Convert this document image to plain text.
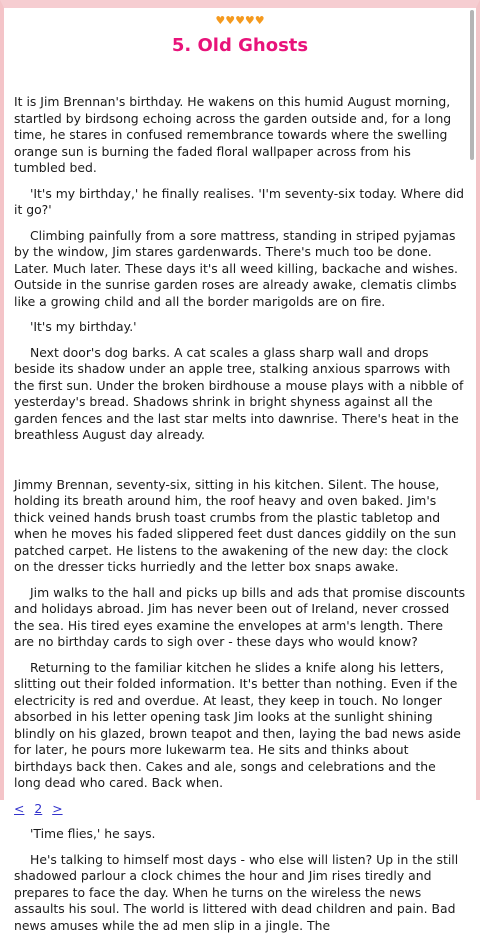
♥♥♥♥♥
5. Old Ghosts

It is Jim Brennan's birthday. He wakens on this humid August morning, startled by birdsong echoing across the garden outside and, for a long time, he stares in confused remembrance towards where the swelling orange sun is burning the faded floral wallpaper across from his tumbled bed.

'It's my birthday,' he finally realises. 'I'm seventy-six today. Where did it go?'

Climbing painfully from a sore mattress, standing in striped pyjamas by the window, Jim stares gardenwards. There's much too be done. Later. Much later. These days it's all weed killing, backache and wishes. Outside in the sunrise garden roses are already awake, clematis climbs like a growing child and all the border marigolds are on fire.

'It's my birthday.'

Next door's dog barks. A cat scales a glass sharp wall and drops beside its shadow under an apple tree, stalking anxious sparrows with the first sun. Under the broken birdhouse a mouse plays with a nibble of yesterday's bread. Shadows shrink in bright shyness against all the garden fences and the last star melts into dawnrise. There's heat in the breathless August day already.

Jimmy Brennan, seventy-six, sitting in his kitchen. Silent. The house, holding its breath around him, the roof heavy and oven baked. Jim's thick veined hands brush toast crumbs from the plastic tabletop and when he moves his faded slippered feet dust dances giddily on the sun patched carpet. He listens to the awakening of the new day: the clock on the dresser ticks hurriedly and the letter box snaps awake.

Jim walks to the hall and picks up bills and ads that promise discounts and holidays abroad. Jim has never been out of Ireland, never crossed the sea. His tired eyes examine the envelopes at arm's length. There are no birthday cards to sigh over - these days who would know?

Returning to the familiar kitchen he slides a knife along his letters, slitting out their folded information. It's better than nothing. Even if the electricity is red and overdue. At least, they keep in touch. No longer absorbed in his letter opening task Jim looks at the sunlight shining blindly on his glazed, brown teapot and then, laying the bad news aside for later, he pours more lukewarm tea. He sits and thinks about birthdays back then. Cakes and ale, songs and celebrations and the long dead who cared. Back when.

< 2 >

'Time flies,' he says.

He's talking to himself most days - who else will listen? Up in the still shadowed parlour a clock chimes the hour and Jim rises tiredly and prepares to face the day. When he turns on the wireless the news assaults his soul. The world is littered with dead children and pain. Bad news amuses while the ad men slip in a jingle. The
